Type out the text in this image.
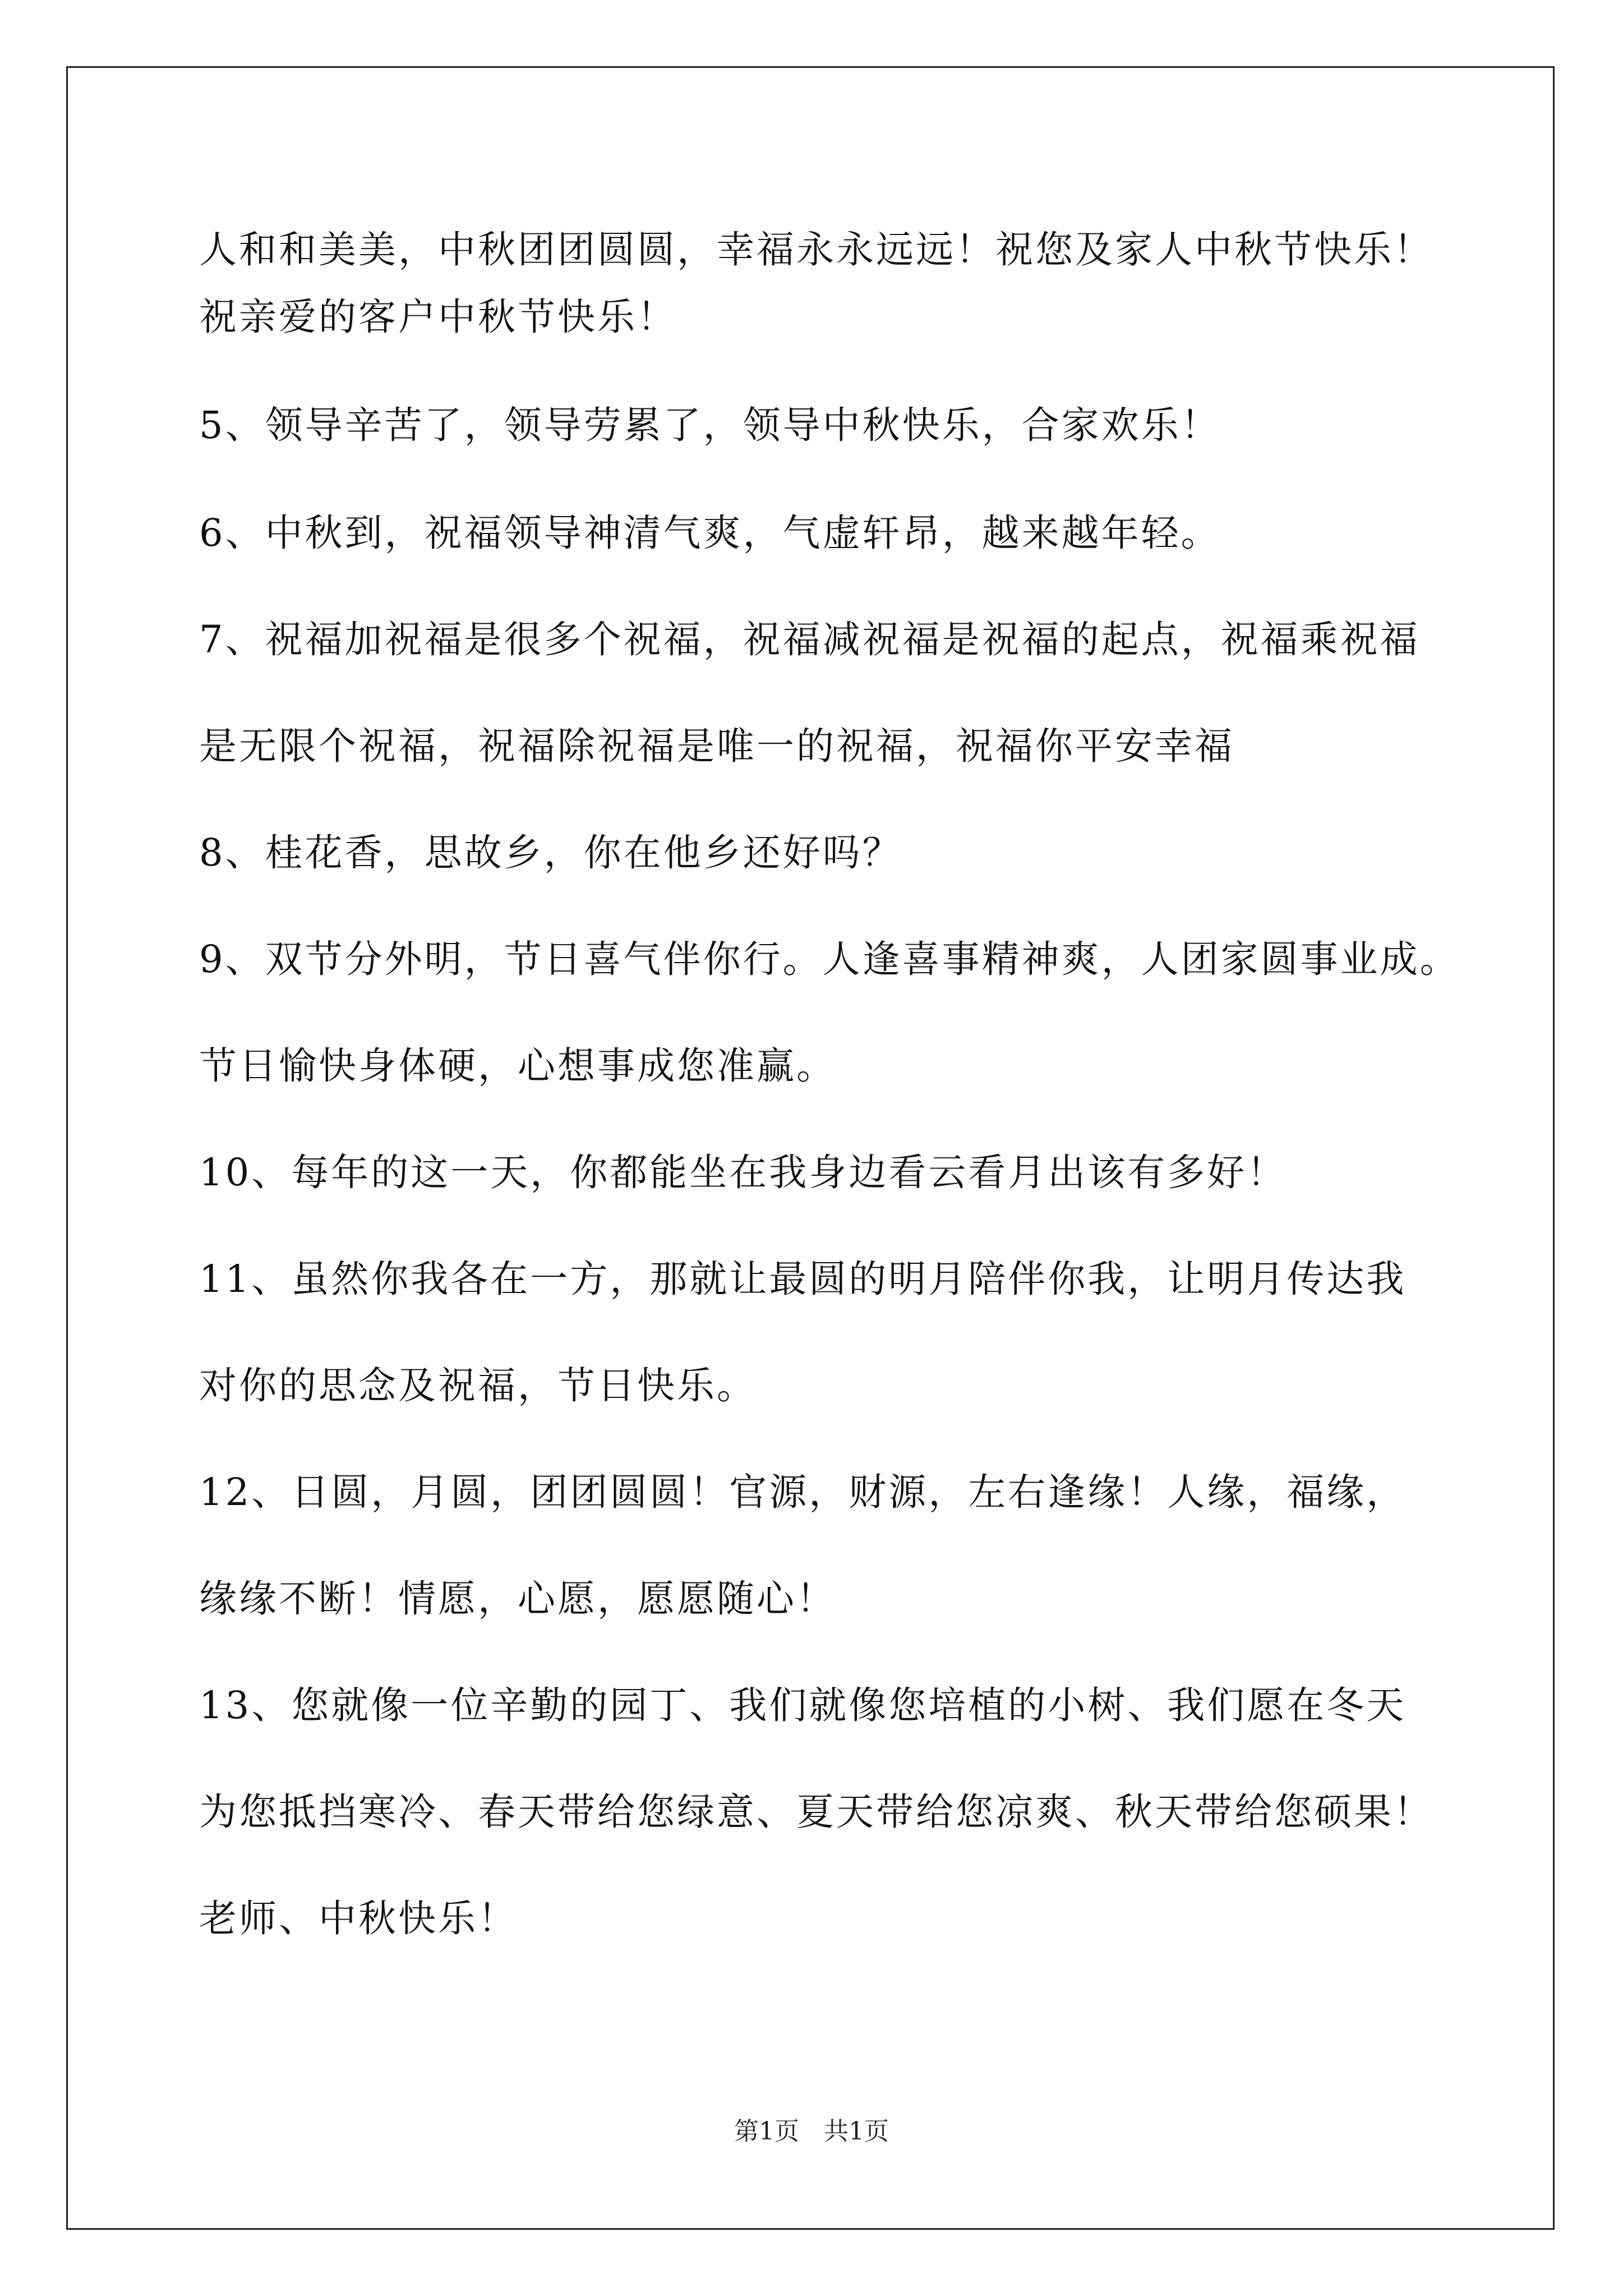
人和和美美，中秋团团圆圆，幸福永永远远！祝您及家人中秋节快乐！
祝亲爱的客户中秋节快乐！
5、领导辛苦了，领导劳累了，领导中秋快乐，合家欢乐！
6、中秋到，祝福领导神清气爽，气虚轩昂，越来越年轻。
7、祝福加祝福是很多个祝福，祝福减祝福是祝福的起点，祝福乘祝福
是无限个祝福，祝福除祝福是唯一的祝福，祝福你平安幸福
8、桂花香，思故乡，你在他乡还好吗？
9、双节分外明，节日喜气伴你行。人逢喜事精神爽，人团家圆事业成。
节日愉快身体硬，心想事成您准赢。
10、每年的这一天，你都能坐在我身边看云看月出该有多好！
11、虽然你我各在一方，那就让最圆的明月陪伴你我，让明月传达我
对你的思念及祝福，节日快乐。
12、日圆，月圆，团团圆圆！官源，财源，左右逢缘！人缘，福缘，
缘缘不断！情愿，心愿，愿愿随心！
13、您就像一位辛勤的园丁、我们就像您培植的小树、我们愿在冬天
为您抵挡寒冷、春天带给您绿意、夏天带给您凉爽、秋天带给您硕果！
老师、中秋快乐！
第1页　共1页
